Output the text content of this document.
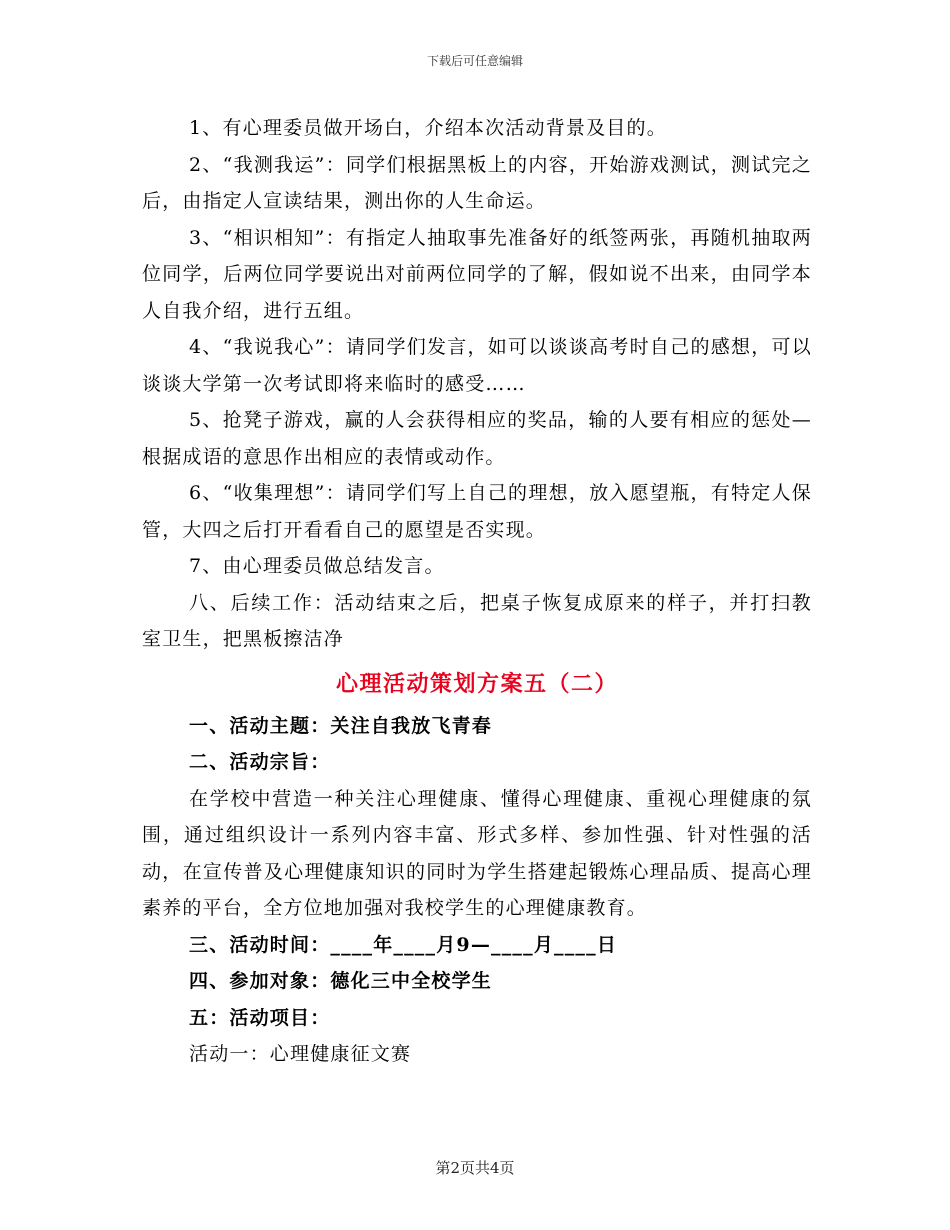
下载后可任意编辑

1、有心理委员做开场白，介绍本次活动背景及目的。

2、“我测我运”：同学们根据黑板上的内容，开始游戏测试，测试完之后，由指定人宣读结果，测出你的人生命运。

3、“相识相知”：有指定人抽取事先准备好的纸签两张，再随机抽取两位同学，后两位同学要说出对前两位同学的了解，假如说不出来，由同学本人自我介绍，进行五组。

4、“我说我心”：请同学们发言，如可以谈谈高考时自己的感想，可以谈谈大学第一次考试即将来临时的感受……

5、抢凳子游戏，赢的人会获得相应的奖品，输的人要有相应的惩处—根据成语的意思作出相应的表情或动作。

6、“收集理想”：请同学们写上自己的理想，放入愿望瓶，有特定人保管，大四之后打开看看自己的愿望是否实现。

7、由心理委员做总结发言。

八、后续工作：活动结束之后，把桌子恢复成原来的样子，并打扫教室卫生，把黑板擦洁净

心理活动策划方案五（二）

一、活动主题：关注自我放飞青春

二、活动宗旨：

在学校中营造一种关注心理健康、懂得心理健康、重视心理健康的氛围，通过组织设计一系列内容丰富、形式多样、参加性强、针对性强的活动，在宣传普及心理健康知识的同时为学生搭建起锻炼心理品质、提高心理素养的平台，全方位地加强对我校学生的心理健康教育。

三、活动时间：____年____月9—____月____日

四、参加对象：德化三中全校学生

五：活动项目：

活动一：心理健康征文赛

第2页共4页
